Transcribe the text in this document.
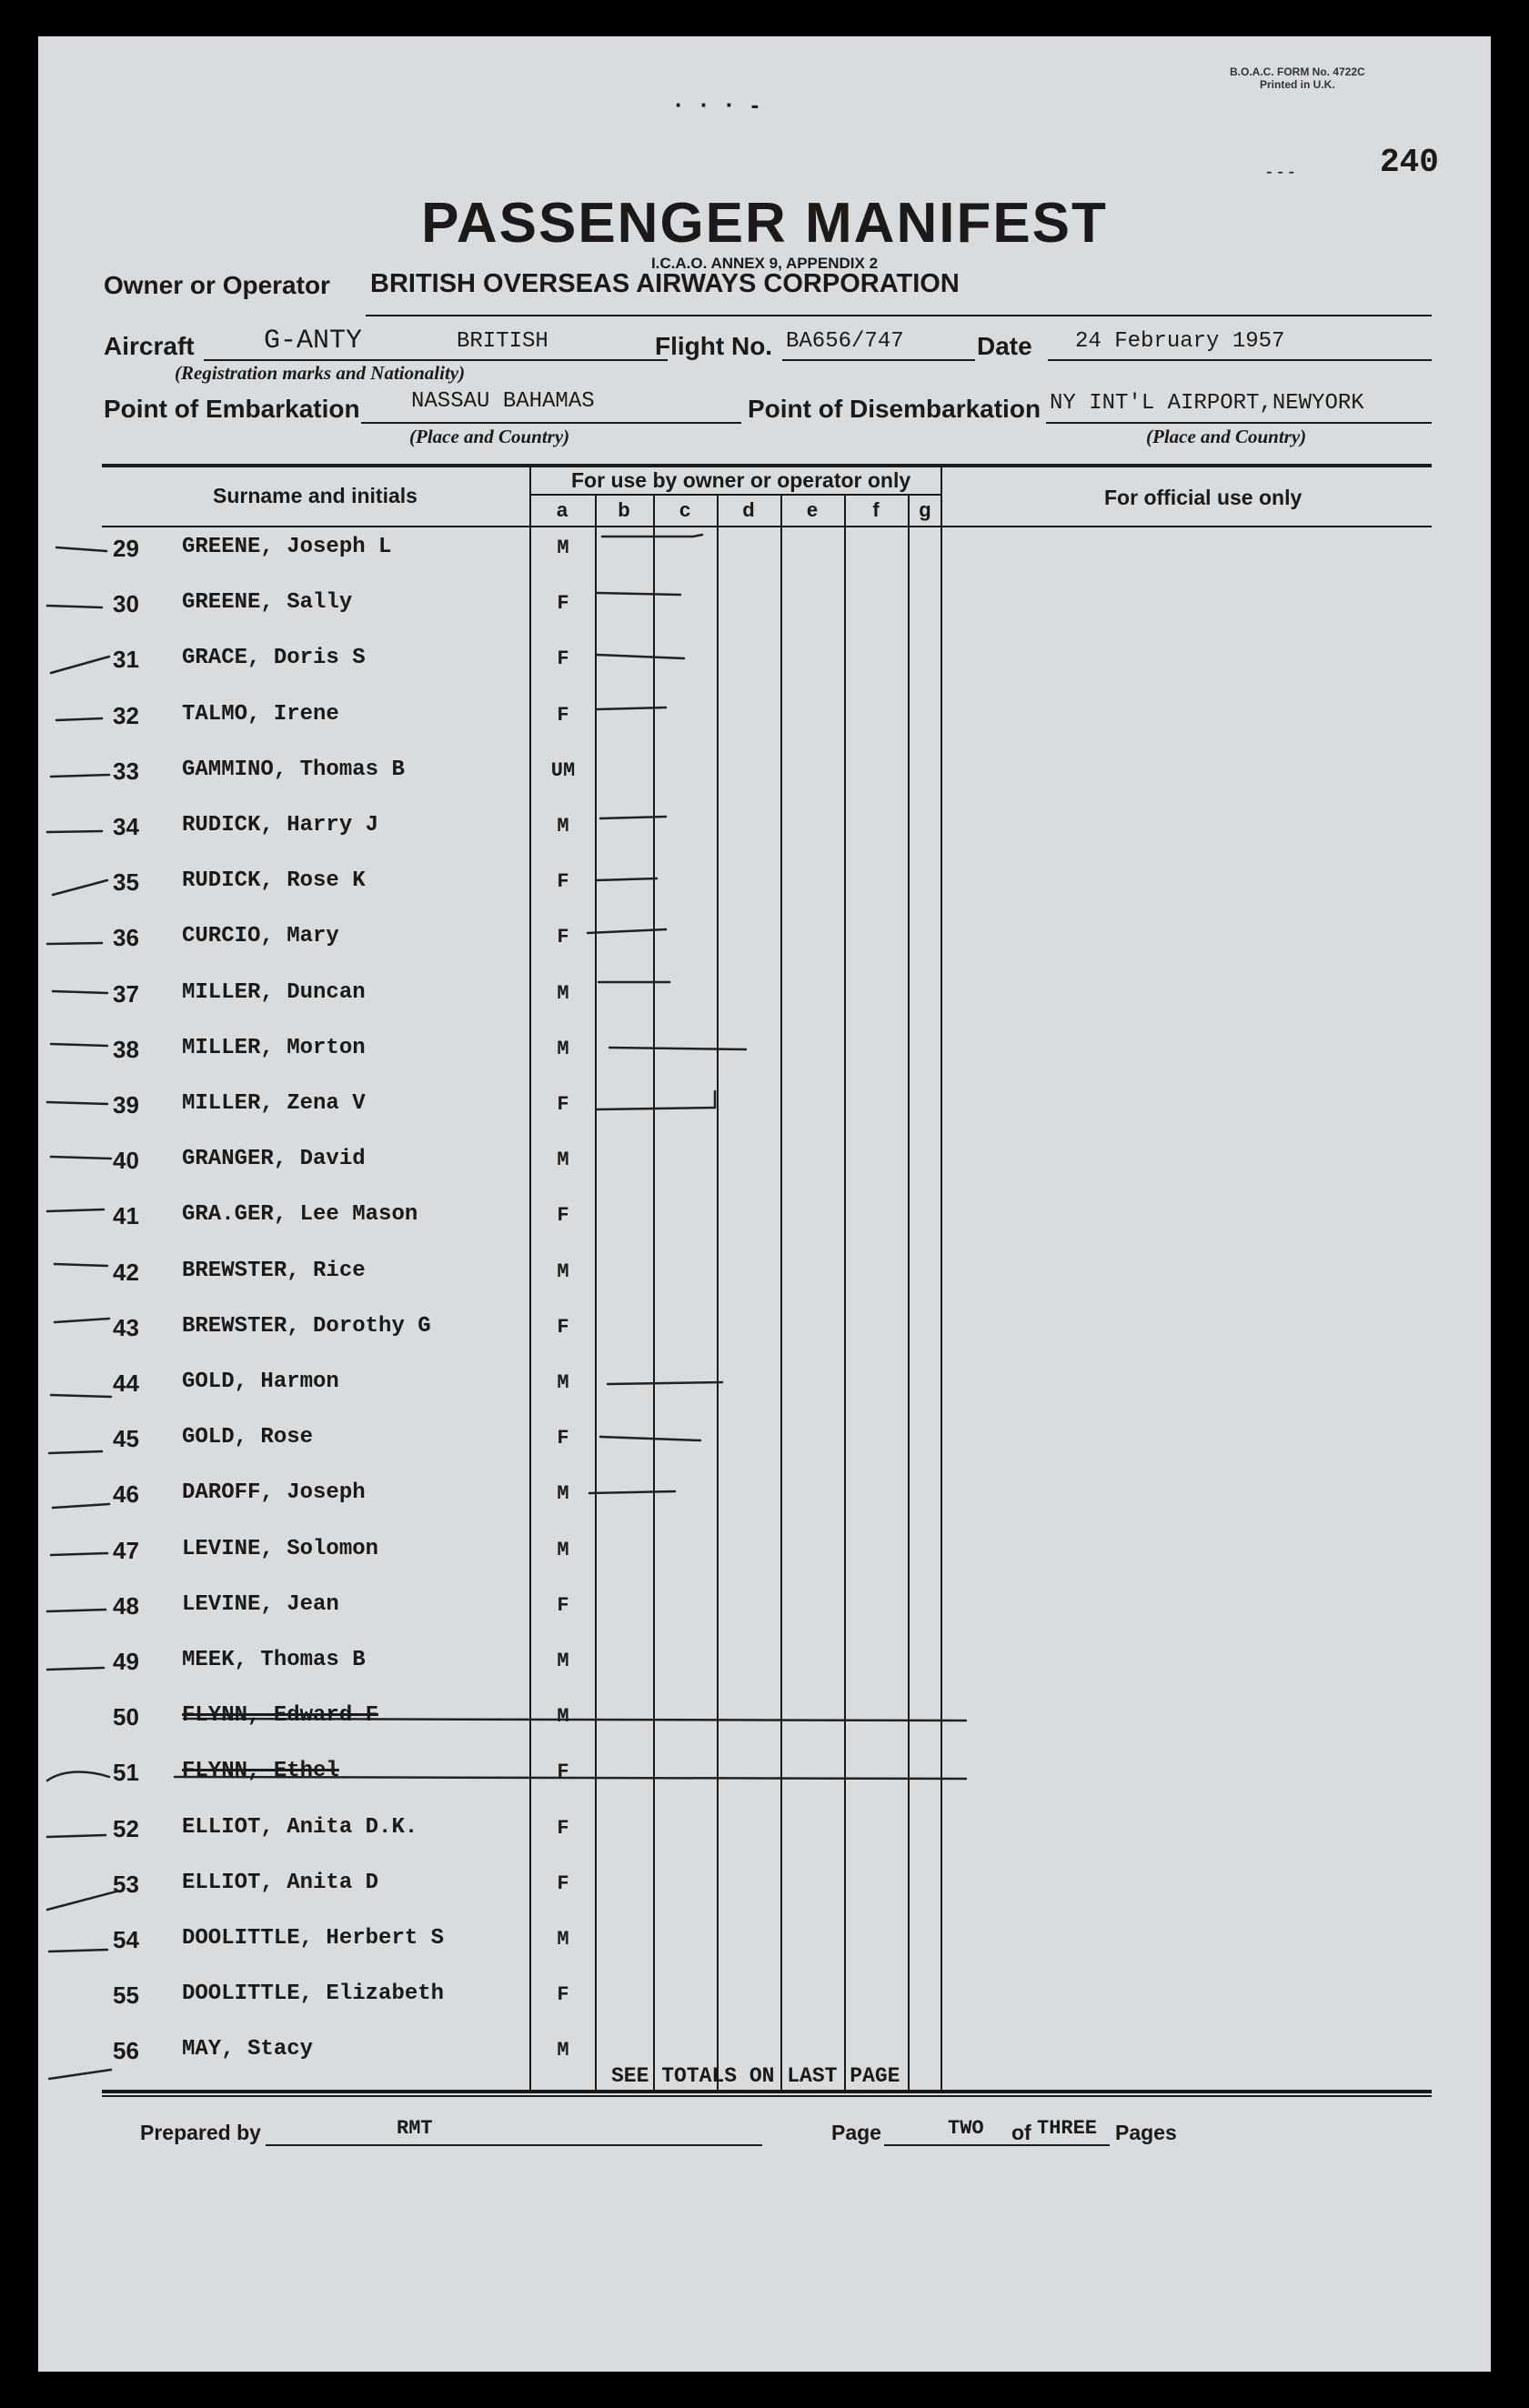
· · · -
B.O.A.C. FORM No. 4722C
Printed in U.K.
- - -	240
PASSENGER MANIFEST
I.C.A.O. ANNEX 9, APPENDIX 2
Owner or Operator BRITISH OVERSEAS AIRWAYS CORPORATION
Aircraft	G-ANTY	BRITISH
(Registration marks and Nationality)
Flight No. BA656/747	Date 24 February 1957
Point of Embarkation NASSAU BAHAMAS
(Place and Country)
Point of Disembarkation NY INT'L AIRPORT,NEWYORK
(Place and Country)
Surname and initials
For use by owner or operator only
For official use only
a	b	c	d	e	f	g
SEE TOTALS ON LAST PAGE
Prepared by	RMT	Page	TWO of THREE Pages
29	GREENE, Joseph L	M
30	GREENE, Sally	F
31	GRACE, Doris S	F
32	TALMO, Irene	F
33	GAMMINO, Thomas B	UM
34	RUDICK, Harry J	M
35	RUDICK, Rose K	F
36	CURCIO, Mary	F
37	MILLER, Duncan	M
38	MILLER, Morton	M
39	MILLER, Zena V	F
40	GRANGER, David	M
41	GRA.GER, Lee Mason	F
42	BREWSTER, Rice	M
43	BREWSTER, Dorothy G	F
44	GOLD, Harmon	M
45	GOLD, Rose	F
46	DAROFF, Joseph	M
47	LEVINE, Solomon	M
48	LEVINE, Jean	F
49	MEEK, Thomas B	M
50	FLYNN, Edward F	M
51	FLYNN, Ethel	F
52	ELLIOT, Anita D.K.	F
53	ELLIOT, Anita D	F
54	DOOLITTLE, Herbert S	M
55	DOOLITTLE, Elizabeth	F
56	MAY, Stacy	M
